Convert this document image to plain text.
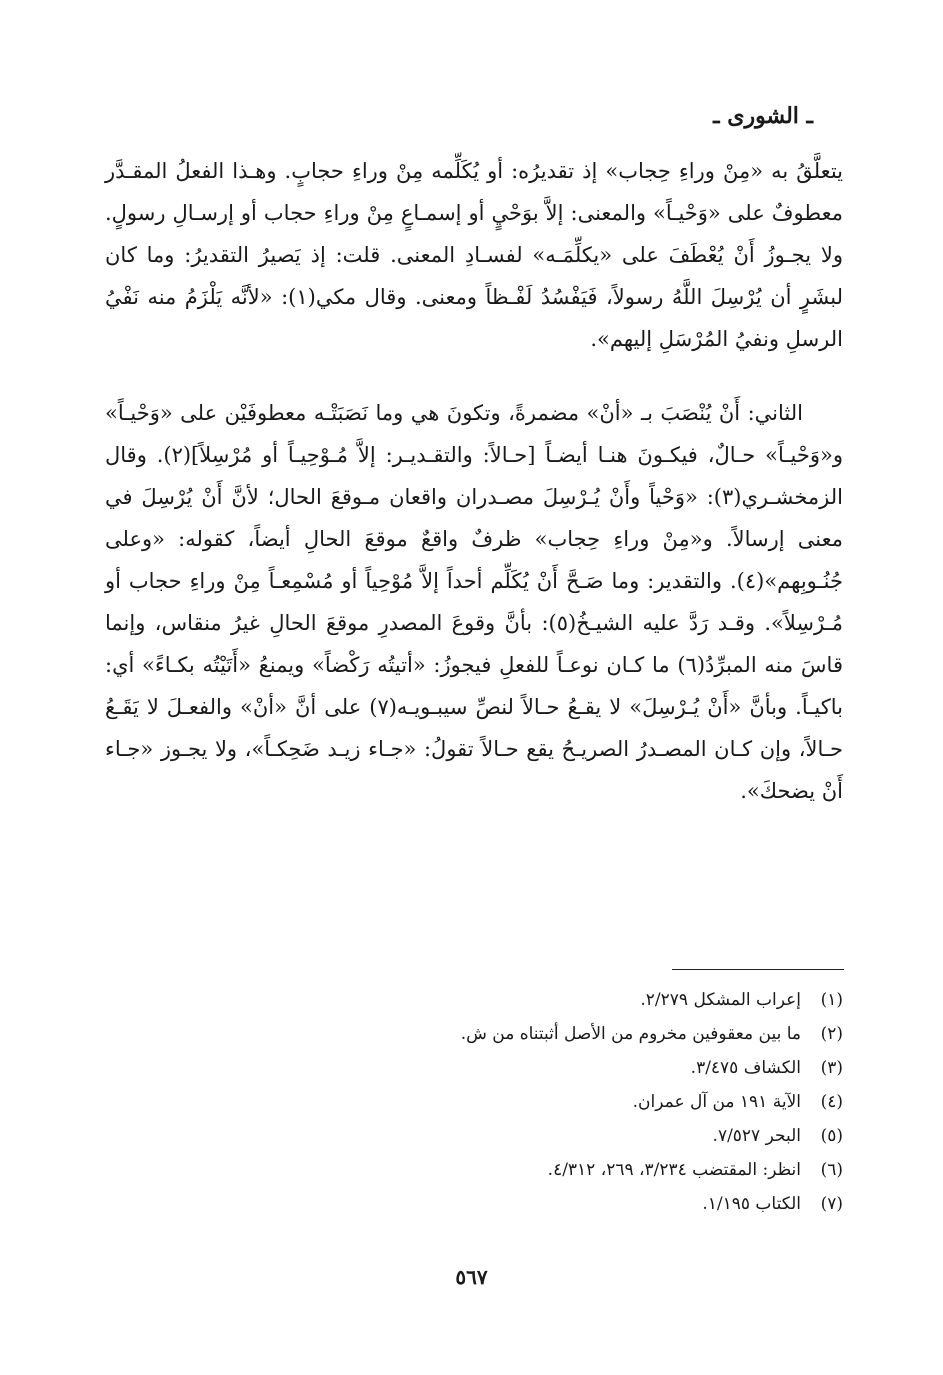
ـ الشورى ـ

يتعلَّقُ به «مِنْ وراءِ حِجاب» إذ تقديرُه: أو يُكَلِّمه مِنْ وراءِ حجابٍ. وهـذا الفعلُ المقـدَّر معطوفٌ على «وَحْيـاً» والمعنى: إلاَّ بوَحْيٍ أو إسمـاعٍ مِنْ وراءِ حجاب أو إرسـالِ رسولٍ. ولا يجـوزُ أَنْ يُعْطَفَ على «يكلِّمَـه» لفسـادِ المعنى. قلت: إذ يَصيرُ التقديرُ: وما كان لبشَرٍ أن يُرْسِلَ اللَّهُ رسولاً، فَيَفْسُدُ لَفْـظاً ومعنى. وقال مكي(١): «لأنَّه يَلْزَمُ منه نَفْيُ الرسلِ ونفيُ المُرْسَلِ إليهم».

الثاني: أَنْ يُنْصَبَ بـ «أنْ» مضمرةً، وتكونَ هي وما نَصَبَتْـه معطوفَيْن على «وَحْيـاً» و«وَحْيـاً» حـالٌ، فيكـونَ هنـا أيضـاً [حـالاً: والتقـديـر: إلاَّ مُـوْحِيـاً أو مُرْسِلاً](٢). وقال الزمخشـري(٣): «وَحْياً وأَنْ يُـرْسِلَ مصـدران واقعان مـوقعَ الحال؛ لأنَّ أَنْ يُرْسِلَ في معنى إرسالاً. و«مِنْ وراءِ حِجاب» ظرفٌ واقعٌ موقعَ الحالِ أيضاً، كقوله: «وعلى جُنُـوبِهم»(٤). والتقدير: وما صَـحَّ أَنْ يُكَلِّم أحداً إلاَّ مُوْحِياً أو مُسْمِعـاً مِنْ وراءِ حجاب أو مُـرْسِلاً». وقـد رَدَّ عليه الشيـخُ(٥): بأنَّ وقوعَ المصدرِ موقعَ الحالِ غيرُ منقاس، وإنما قاسَ منه المبرِّدُ(٦) ما كـان نوعـاً للفعلِ فيجوزُ: «أتيتُه رَكْضاً» ويمنعُ «أَتَيْتُه بكـاءً» أي: باكيـاً. وبأنَّ «أَنْ يُـرْسِلَ» لا يقـعُ حـالاً لنصِّ سيبـويـه(٧) على أنَّ «أنْ» والفعـلَ لا يَقَـعُ حـالاً، وإن كـان المصـدرُ الصريـحُ يقع حـالاً تقولُ: «جـاء زيـد ضَحِكـاً»، ولا يجـوز «جـاء أَنْ يضحكَ».

(١)
إعراب المشكل ٢/٢٧٩.
(٢)
ما بين معقوفين مخروم من الأصل أثبتناه من ش.
(٣)
الكشاف ٣/٤٧٥.
(٤)
الآية ١٩١ من آل عمران.
(٥)
البحر ٧/٥٢٧.
(٦)
انظر: المقتضب ٣/٢٣٤، ٢٦٩، ٤/٣١٢.
(٧)
الكتاب ١/١٩٥.
٥٦٧
